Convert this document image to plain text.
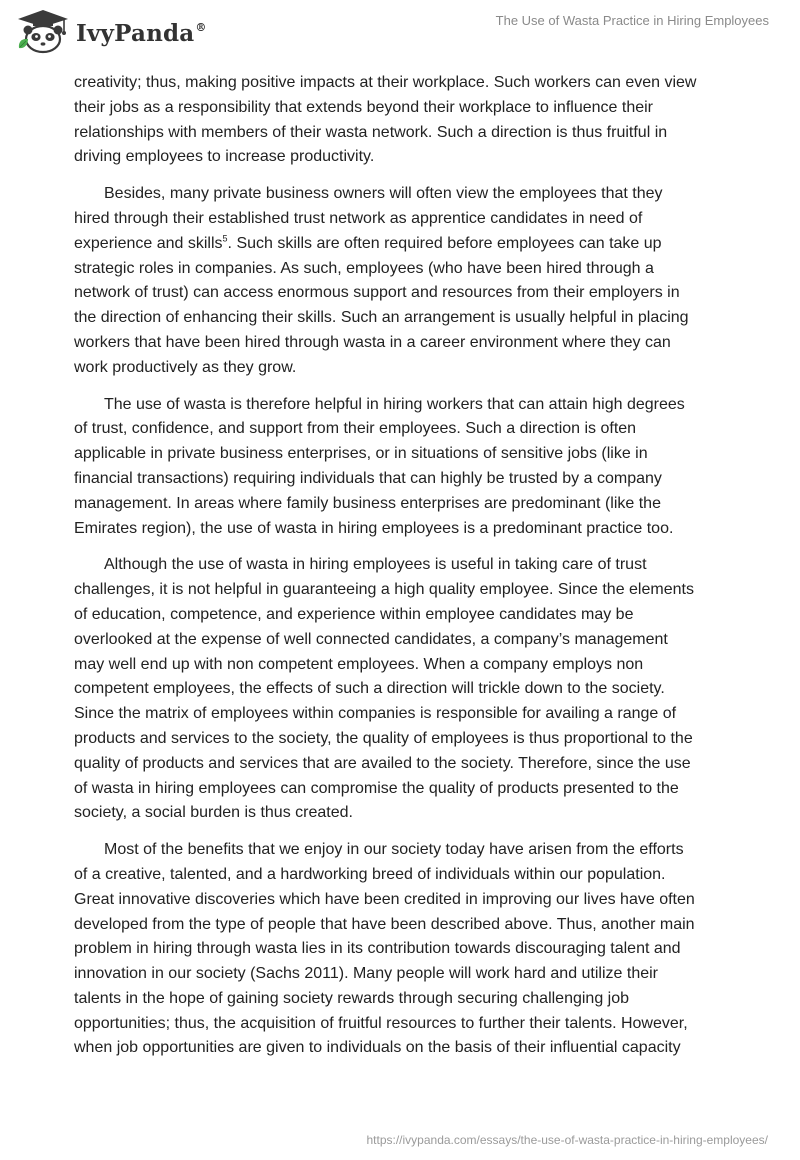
IvyPanda®	The Use of Wasta Practice in Hiring Employees

creativity; thus, making positive impacts at their workplace. Such workers can even view

their jobs as a responsibility that extends beyond their workplace to influence their

relationships with members of their wasta network. Such a direction is thus fruitful in

driving employees to increase productivity.

Besides, many private business owners will often view the employees that they

hired through their established trust network as apprentice candidates in need of

experience and skills$^5$. Such skills are often required before employees can take up

strategic roles in companies. As such, employees (who have been hired through a

network of trust) can access enormous support and resources from their employers in

the direction of enhancing their skills. Such an arrangement is usually helpful in placing

workers that have been hired through wasta in a career environment where they can

work productively as they grow.

The use of wasta is therefore helpful in hiring workers that can attain high degrees

of trust, confidence, and support from their employees. Such a direction is often

applicable in private business enterprises, or in situations of sensitive jobs (like in

financial transactions) requiring individuals that can highly be trusted by a company

management. In areas where family business enterprises are predominant (like the

Emirates region), the use of wasta in hiring employees is a predominant practice too.

Although the use of wasta in hiring employees is useful in taking care of trust

challenges, it is not helpful in guaranteeing a high quality employee. Since the elements

of education, competence, and experience within employee candidates may be

overlooked at the expense of well connected candidates, a company’s management

may well end up with non competent employees. When a company employs non

competent employees, the effects of such a direction will trickle down to the society.

Since the matrix of employees within companies is responsible for availing a range of

products and services to the society, the quality of employees is thus proportional to the

quality of products and services that are availed to the society. Therefore, since the use

of wasta in hiring employees can compromise the quality of products presented to the

society, a social burden is thus created.

Most of the benefits that we enjoy in our society today have arisen from the efforts

of a creative, talented, and a hardworking breed of individuals within our population.

Great innovative discoveries which have been credited in improving our lives have often

developed from the type of people that have been described above. Thus, another main

problem in hiring through wasta lies in its contribution towards discouraging talent and

innovation in our society (Sachs 2011). Many people will work hard and utilize their

talents in the hope of gaining society rewards through securing challenging job

opportunities; thus, the acquisition of fruitful resources to further their talents. However,

when job opportunities are given to individuals on the basis of their influential capacity

https://ivypanda.com/essays/the-use-of-wasta-practice-in-hiring-employees/
